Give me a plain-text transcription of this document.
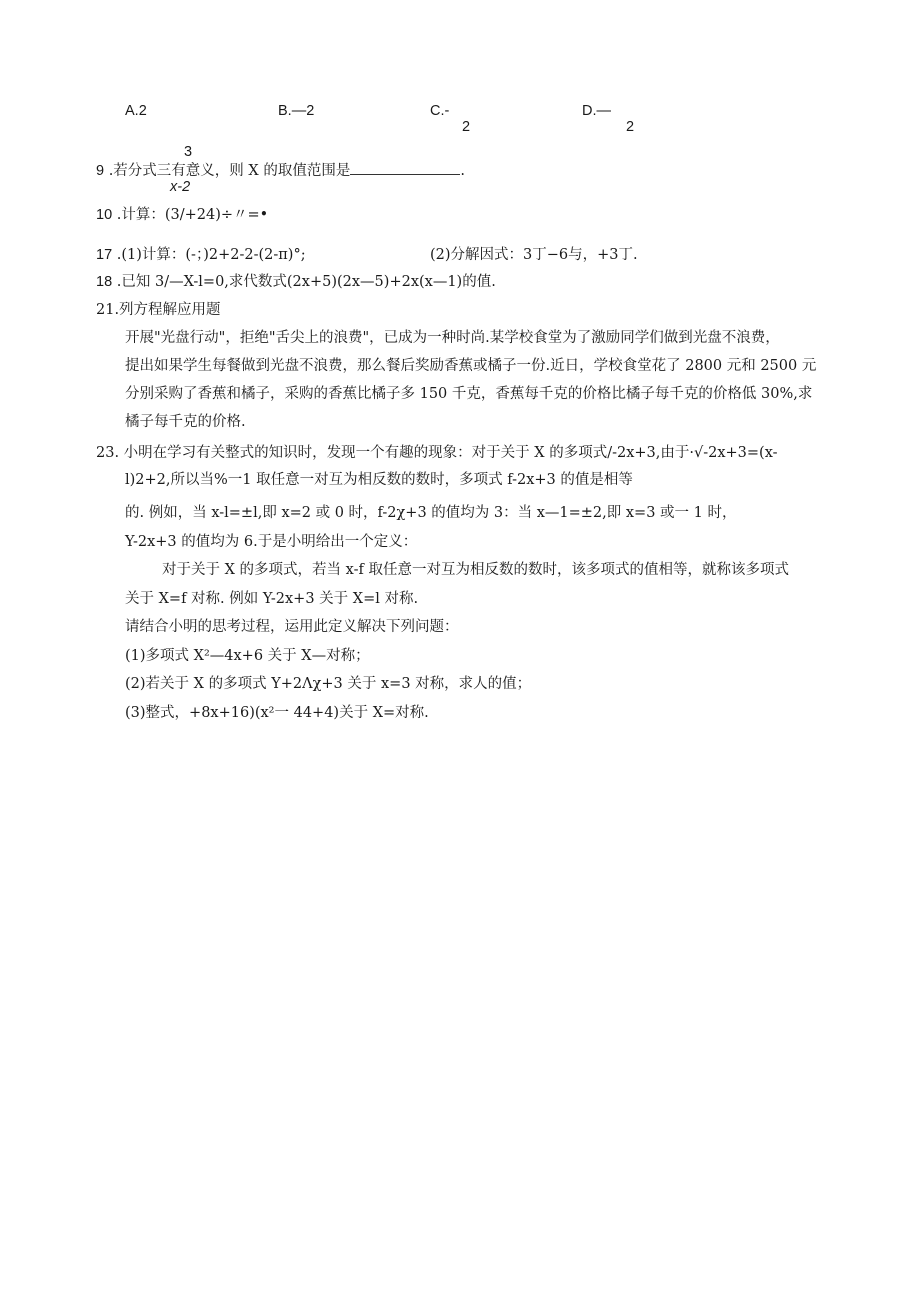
A.2	B.—2	C.-
2
D.—
2
3
9 .若分式三有意义，则 X 的取值范围是	.
x-2
10 .计算：(3/+24)÷〃=•
17 .(1)计算：(-；)2+2-2-(2-π)°;	(2)分解因式：3丁−6与，+3丁.
18 .已知 3/—X-l=0,求代数式(2x+5)(2x—5)+2x(x—1)的值.
21.列方程解应用题
开展"光盘行动"，拒绝"舌尖上的浪费"，已成为一种时尚.某学校食堂为了激励同学们做到光盘不浪费，
提出如果学生每餐做到光盘不浪费，那么餐后奖励香蕉或橘子一份.近日，学校食堂花了 2800 元和 2500 元
分别采购了香蕉和橘子，采购的香蕉比橘子多 150 千克，香蕉每千克的价格比橘子每千克的价格低 30%,求
橘子每千克的价格.
23. 小明在学习有关整式的知识时，发现一个有趣的现象：对于关于 X 的多项式/-2x+3,由于·√-2x+3=(x-
l)2+2,所以当%一1 取任意一对互为相反数的数时，多项式 f-2x+3 的值是相等
的. 例如，当 x-l=±l,即 x=2 或 0 时，f-2χ+3 的值均为 3：当 x—1=±2,即 x=3 或一 1 时，
Y-2x+3 的值均为 6.于是小明给出一个定义：
对于关于 X 的多项式，若当 x-f 取任意一对互为相反数的数时，该多项式的值相等，就称该多项式
关于 X=f 对称. 例如 Y-2x+3 关于 X=l 对称.
请结合小明的思考过程，运用此定义解决下列问题：
(1)多项式 X²—4x+6 关于 X—对称；
(2)若关于 X 的多项式 Y+2Λχ+3 关于 x=3 对称，求人的值；
(3)整式，+8x+16)(x²一 44+4)关于 X=对称.
